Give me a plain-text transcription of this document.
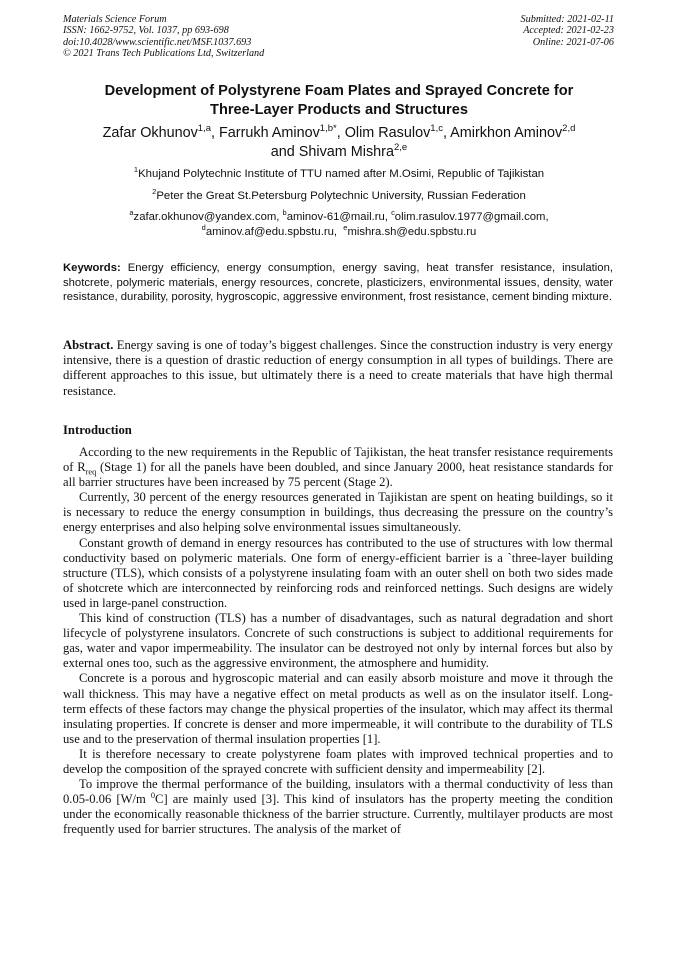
Materials Science Forum
ISSN: 1662-9752, Vol. 1037, pp 693-698
doi:10.4028/www.scientific.net/MSF.1037.693
© 2021 Trans Tech Publications Ltd, Switzerland
Submitted: 2021-02-11
Accepted: 2021-02-23
Online: 2021-07-06
Development of Polystyrene Foam Plates and Sprayed Concrete for
Three-Layer Products and Structures
Zafar Okhunov$^{1,a}$, Farrukh Aminov$^{1,b*}$, Olim Rasulov$^{1,c}$, Amirkhon Aminov$^{2,d}$
and Shivam Mishra$^{2,e}$
$^1$Khujand Polytechnic Institute of TTU named after M.Osimi, Republic of Tajikistan
$^2$Peter the Great St.Petersburg Polytechnic University, Russian Federation
$^a$zafar.okhunov@yandex.com, $^b$aminov-61@mail.ru, $^c$olim.rasulov.1977@gmail.com,
$^d$aminov.af@edu.spbstu.ru, $^e$mishra.sh@edu.spbstu.ru
Keywords: Energy efficiency, energy consumption, energy saving, heat transfer resistance, insulation, shotcrete, polymeric materials, energy resources, concrete, plasticizers, environmental issues, density, water resistance, durability, porosity, hygroscopic, aggressive environment, frost resistance, cement binding mixture.
Abstract. Energy saving is one of today’s biggest challenges. Since the construction industry is very energy intensive, there is a question of drastic reduction of energy consumption in all types of buildings. There are different approaches to this issue, but ultimately there is a need to create materials that have high thermal resistance.
Introduction

According to the new requirements in the Republic of Tajikistan, the heat transfer resistance requirements of $R_{req}$ (Stage 1) for all the panels have been doubled, and since January 2000, heat resistance standards for all barrier structures have been increased by 75 percent (Stage 2).

Currently, 30 percent of the energy resources generated in Tajikistan are spent on heating buildings, so it is necessary to reduce the energy consumption in buildings, thus decreasing the pressure on the country’s energy enterprises and also helping solve environmental issues simultaneously.

Constant growth of demand in energy resources has contributed to the use of structures with low thermal conductivity based on polymeric materials. One form of energy-efficient barrier is a `three-layer building structure (TLS), which consists of a polystyrene insulating foam with an outer shell on both two sides made of shotcrete which are interconnected by reinforcing rods and reinforced nettings. Such designs are widely used in large-panel construction.

This kind of construction (TLS) has a number of disadvantages, such as natural degradation and short lifecycle of polystyrene insulators. Concrete of such constructions is subject to additional requirements for gas, water and vapor impermeability. The insulator can be destroyed not only by internal forces but also by external ones too, such as the aggressive environment, the atmosphere and humidity.

Concrete is a porous and hygroscopic material and can easily absorb moisture and move it through the wall thickness. This may have a negative effect on metal products as well as on the insulator itself. Long-term effects of these factors may change the physical properties of the insulator, which may affect its thermal insulating properties. If concrete is denser and more impermeable, it will contribute to the durability of TLS use and to the preservation of thermal insulation properties [1].

It is therefore necessary to create polystyrene foam plates with improved technical properties and to develop the composition of the sprayed concrete with sufficient density and impermeability [2].

To improve the thermal performance of the building, insulators with a thermal conductivity of less than 0.05-0.06 [W/m $^0$C] are mainly used [3]. This kind of insulators has the property meeting the condition under the economically reasonable thickness of the barrier structure. Currently, multilayer products are most frequently used for barrier structures. The analysis of the market of
